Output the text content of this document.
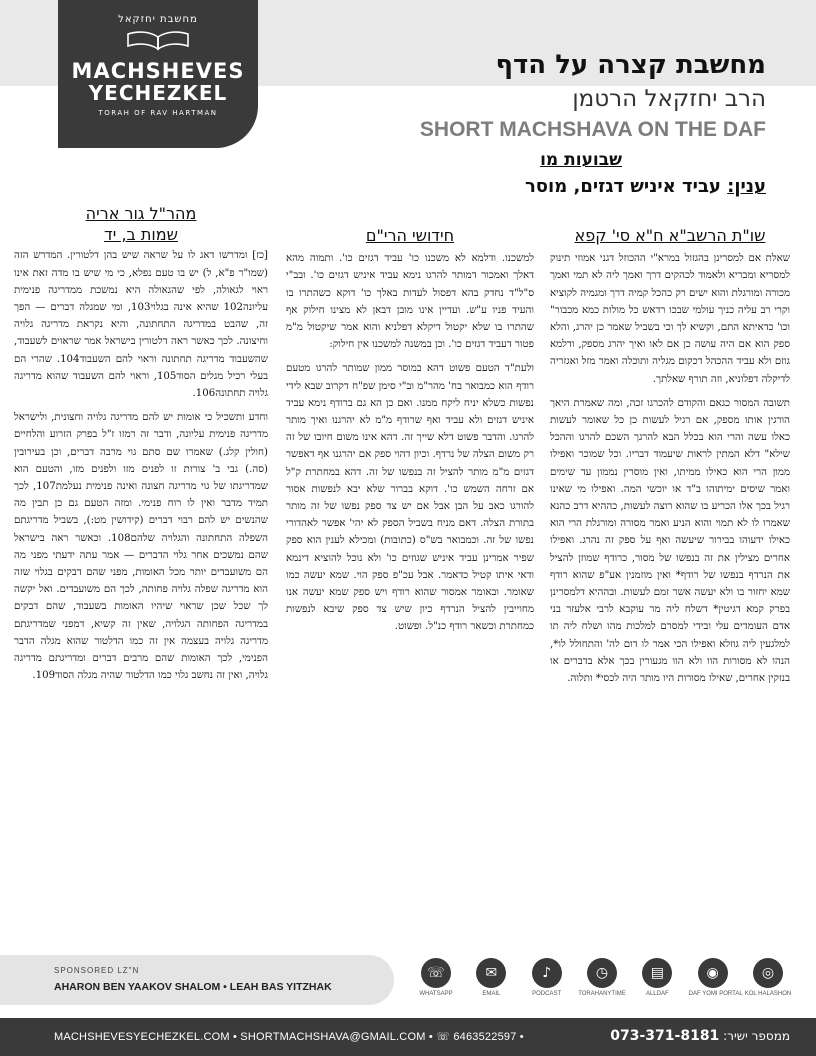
מחשבת יחזקאל
MACHSHEVES
YECHEZKEL
TORAH OF RAV HARTMAN
מחשבת קצרה על הדף
הרב יחזקאל הרטמן
SHORT MACHSHAVA ON THE DAF
שבועות מו
ענין: עביד איניש דגזים, מוסר
שו"ת הרשב"א ח"א סי' קפא

שאלת אם למסרינן בהגזול במרא"י ההכוזל דגני אמוזי תינוק למסריא ומבריא ולאמוד לכהקים דרך ואמך ליה לא תמי ואמך מכורה ומורגלת והוא ישים רק כהכל קמיה דרך ומגמיה לקוציא וקרי רב עליה כניך עולמי שבכו רדאש כל מולות כמא מכבור" וכו' כדאיתא התם, וקשיא לך וכי בשביל שאמר כן יהרג, והלא ספק הוא אם היה עושה כן אם לאו ואיך יהרג מספק, ודלמא גוזם ולא עביד ההכהל דכקום מגליה ותוכלה ואמר מזל ואגזריה לדיקלה דפלוניא, וזה תורף שאלתך.

תשובה המסור כגאם והקודם להכרגו זכה, ומה שאמרת היאך הורגין אותו מספק, אם רגיל לעשות כן כל שאומר לעשות כאלו עשה והרי הוא בכלל הבא להרגך השכם להרגו וההכל שילא" דלא המתין לראות שיעמוד דבריו. וכל שמוכר ואפילו ממון הרי הוא כאילו ממיתו, ואין מוסרין נממון עד שימים ואמר שיסים ימיתוהו ב"ד או יוכשי המה. ואפילו מי שאינו רגיל בכך אלו הכריע בו שהוא רוצה לעשות, כההיא דרב כהנא שאמרו לו לא תמוי והוא הניע ואמר מסורה ומורגלת הרי הוא כאילו ידעוהו בבירור שיעשה ואף על ספק זה נהרג. ואפילו אחרים מצילין את זה בנפשו של מסור, כרודף שמוזן להציל את הנרדף בנפשו של רודף* ואין מוזמנין אע"פ שהוא רודף שמא יחזור בו ולא יעשה אשר זמם לעשות. ובההיא דלמסרינן בפרק קמא דגיטין* דשלח ליה מר עוקבא לרבי אלעזר בני אדם העומדים עלי ובידי למסרם למלכות מהו ושלח ליה תו למלגעין ליה גוזלא ואפילו הכי אמר לו דום לה' והתחולל לו*, הנהו לא מסורות הוו ולא הוו מגעורין בכך אלא בדברים או בנזקין אחרים, שאילו מסורות היו מותר היה לכסי* ותלוה.

חידושי הרי"ם

למשכנו. ודלמא לא משכנו כו' עביד דגזים כו'. ותמוה מהא דאלך ואמכור דמותר להרגו נימא עביד איניש דגזים כו'. ובב"י ס"ל"ד נחדק בהא דפסול לעדות באלך כו' דוקא כשהתרו בו והעיד פניו ע"ש. ועדיין אינו מובן דבאן לא מצינו חילוק אף שהתרו בו שלא יקטול דיקלא דפלניא והוא אמר שיקטול מ"מ פטור דעביד דגזים כו'. וכן במשנה למשכנו אין חילוק:

ולעת"ד הטעם פשוט דהא במוסר ממון שמותר להרגו מטעם רודף הוא כמבואר בח' מהר"מ וב"י סימן שפ"ח דקרוב שבא לידי נפשות כשלא יניח ליקח ממנו. ואם כן הא גם ברודף נימא עביד איניש דגזים ולא עביד ואף שרודף מ"מ לא יהרגנו ואיך מותר להרגו. והדבר פשוט דלא שייך זה. דהא אינו משום חיובו של זה רק משום הצלה של נרדף. וכיון דהוי ספק אם יהרגנו אף דאפשר דגזים מ"מ מותר להציל זה בנפשו של זה. דהא במחתרת ק"ל אם זרחה השמש כו'. דוקא בברור שלא יבא לנפשות אסור להורגו כאב על הבן אבל אם יש צד ספק נפשו של זה מותר בתורת הצלה. דאם מניח בשביל הספק לא יהי' אפשר לאהדורי נפשו של זה. וכמבואר בש"ס (כתובות) ומכילא לענין הוא ספק שפיר אמרינן עביד איניש שגוזים כו' ולא נוכל להוציא דינמא ודאי איתו קטיל כדאמר. אבל עכ"פ ספק הוי. שמא יעשה כמו שאומר. ובאומר אמסור שהוא רודף ויש ספק שמא יעשה אנו מחוייבין להציל הנרדף כיון שיש צד ספק שיבא לנפשות כמחתרת וכשאר רודף כנ"ל. ופשוט.

מהר"ל גור אריה
שמות ב, יד

[כז] ומדרשו דאג לו על שראה שיש בהן דלטורין. המדרש הזה (שמו"ר פ"א, ל) יש בו טעם נפלא, כי מי שיש בו מדה זאת אינו ראוי לגאולה, לפי שהגאולה היא נמשכת ממדריגה פנימית עליונה102 שהיא אינה בגלוי103, ומי שמגלה דברים — הפך זה, שהבט במדריגה התחתונה, והיא נקראת מדריגה גלויה וחיצונה. לכך כאשר ראה דלטורין בישראל אמר שראוים לשעבוד, שהשעבוד מדריגה תחתונה וראוי להם השעבוד104. שהרי הם בעלי רכיל מגלים הסוד105, וראוי להם השעבוד שהוא מדריגה גלויה תחתונה106.

וחדע ותשכיל כי אומות יש להם מדריגה גלויה וחצונית, ולישראל מדריגה פנימית עליונה, ודבר זה רמזו ז"ל בפרק הזרוע והלחיים (חולין קלג.) שאמרו שם סתם גוי מרבה דברים, וכן בעירובין (סה.) גבי ב' צורות זו לפנים מזו ולפנים מזו, והטעם הוא שמדריגתו של גוי מדריגה חצונה ואינה פנימית נעלמת107, לכך תמיד מדבר ואין לו רוח פנימי. ומזה הטעם גם כן תבין מה שהנשים יש להם רבוי דברים (קידושין מט:), בשביל מדריגתם השפלה התחתונה והגלויה שלהם108. וכאשר ראה בישראל שהם נמשכים אחר גלוי הדברים — אמר עתה ידעתי מפני מה הם משועבדים יותר מכל האומות, מפני שהם דבקים בגלוי שזה הוא מדריגה שפלה גלויה פחותה, לכך הם משועבדים. ואל יקשה לך שכל שכן שראוי שיהיו האומות בשעבוד, שהם דבקים במדריגה הפחותה הגלויה, שאין זה קשיא, דמפני שמדריגתם מדריגה גלויה בעצמה אין זה כמו הדלטור שהוא מגלה הדבר הפנימי, לכך האומות שהם מרבים דברים ומדריגתם מדריגה גלויה, ואין זה נחשב גלוי כמו הדלטור שהיה מגלה הסוד109.

SPONSORED LZ"N
AHARON BEN YAAKOV SHALOM • LEAH BAS YITZHAK
☏
WHATSAPP
✉
EMAIL
♪
PODCAST
◷
TORAHANYTIME
▤
ALLDAF
◉
DAF YOMI PORTAL
◎
KOL HALASHON
MACHSHEVESYECHEZKEL.COM • SHORTMACHSHAVA@GMAIL.COM • ☏ 6463522597 •	ממספר ישיר: 073-371-8181
